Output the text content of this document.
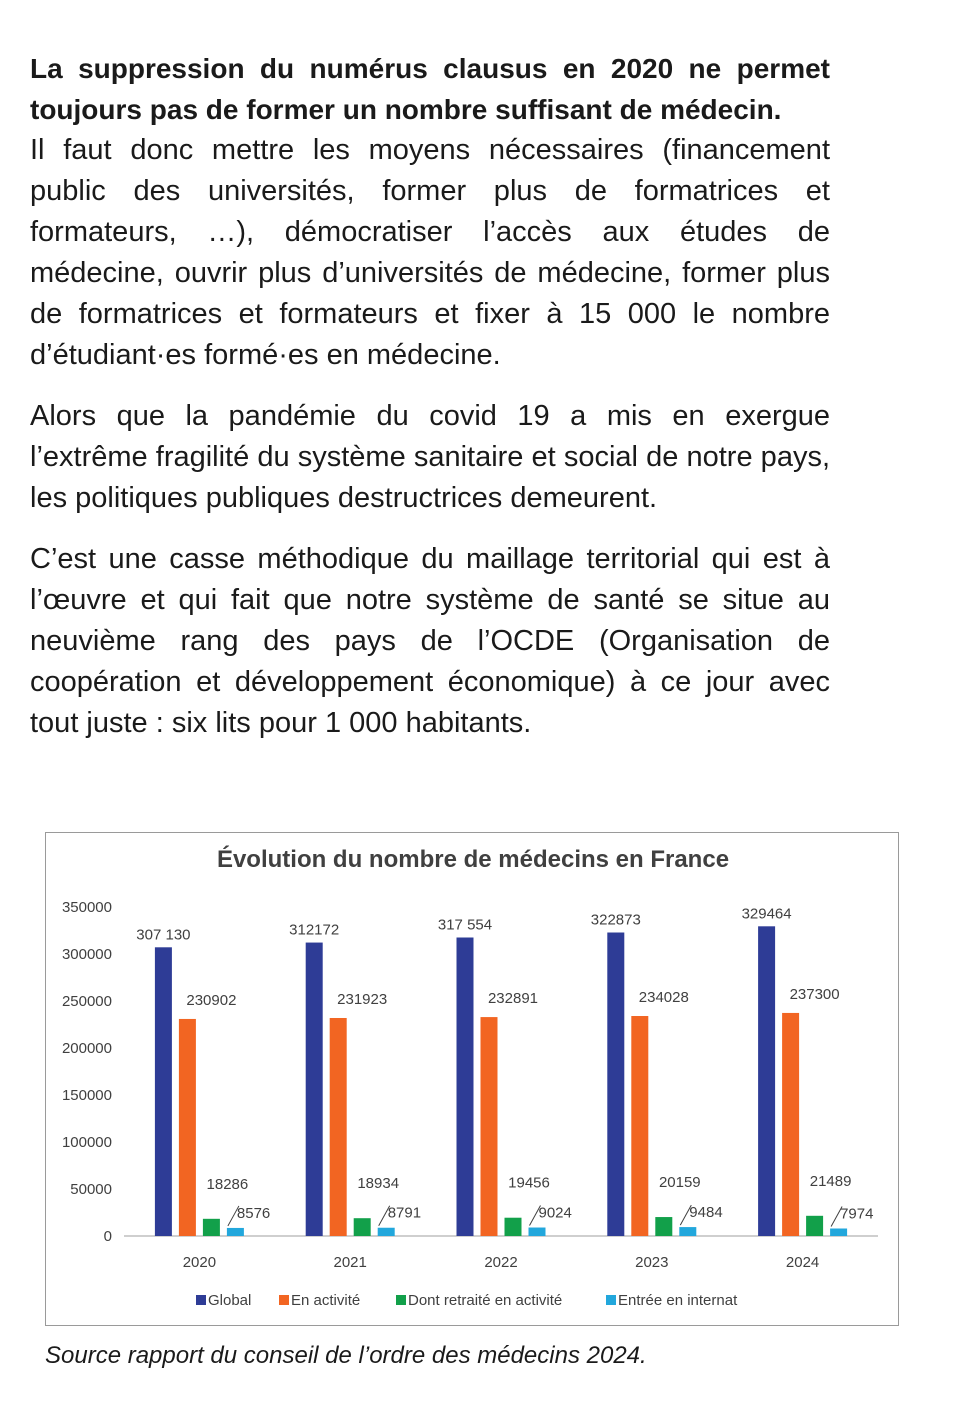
La suppression du numérus clausus en 2020 ne permet toujours pas de former un nombre suffisant de médecin.
Il faut donc mettre les moyens nécessaires (financement public des universités, former plus de formatrices et formateurs, …), démocratiser l’accès aux études de médecine, ouvrir plus d’universités de médecine, former plus de formatrices et formateurs et fixer à 15 000 le nombre d’étudiant·es formé·es en médecine.

Alors que la pandémie du covid 19 a mis en exergue l’extrême fragilité du système sanitaire et social de notre pays, les politiques publiques destructrices demeurent.

C’est une casse méthodique du maillage territorial qui est à l’œuvre et qui fait que notre système de santé se situe au neuvième rang des pays de l’OCDE (Organisation de coopération et développement économique) à ce jour avec tout juste : six lits pour 1 000 habitants.

Évolution du nombre de médecins en France
0
50000
100000
150000
200000
250000
300000
350000
307 130
230902
18286
8576
2020
312172
231923
18934
8791
2021
317 554
232891
19456
9024
2022
322873
234028
20159
9484
2023
329464
237300
21489
7974
2024
Global	En activité	Dont retraité en activité	Entrée en internat
Source rapport du conseil de l’ordre des médecins 2024.
